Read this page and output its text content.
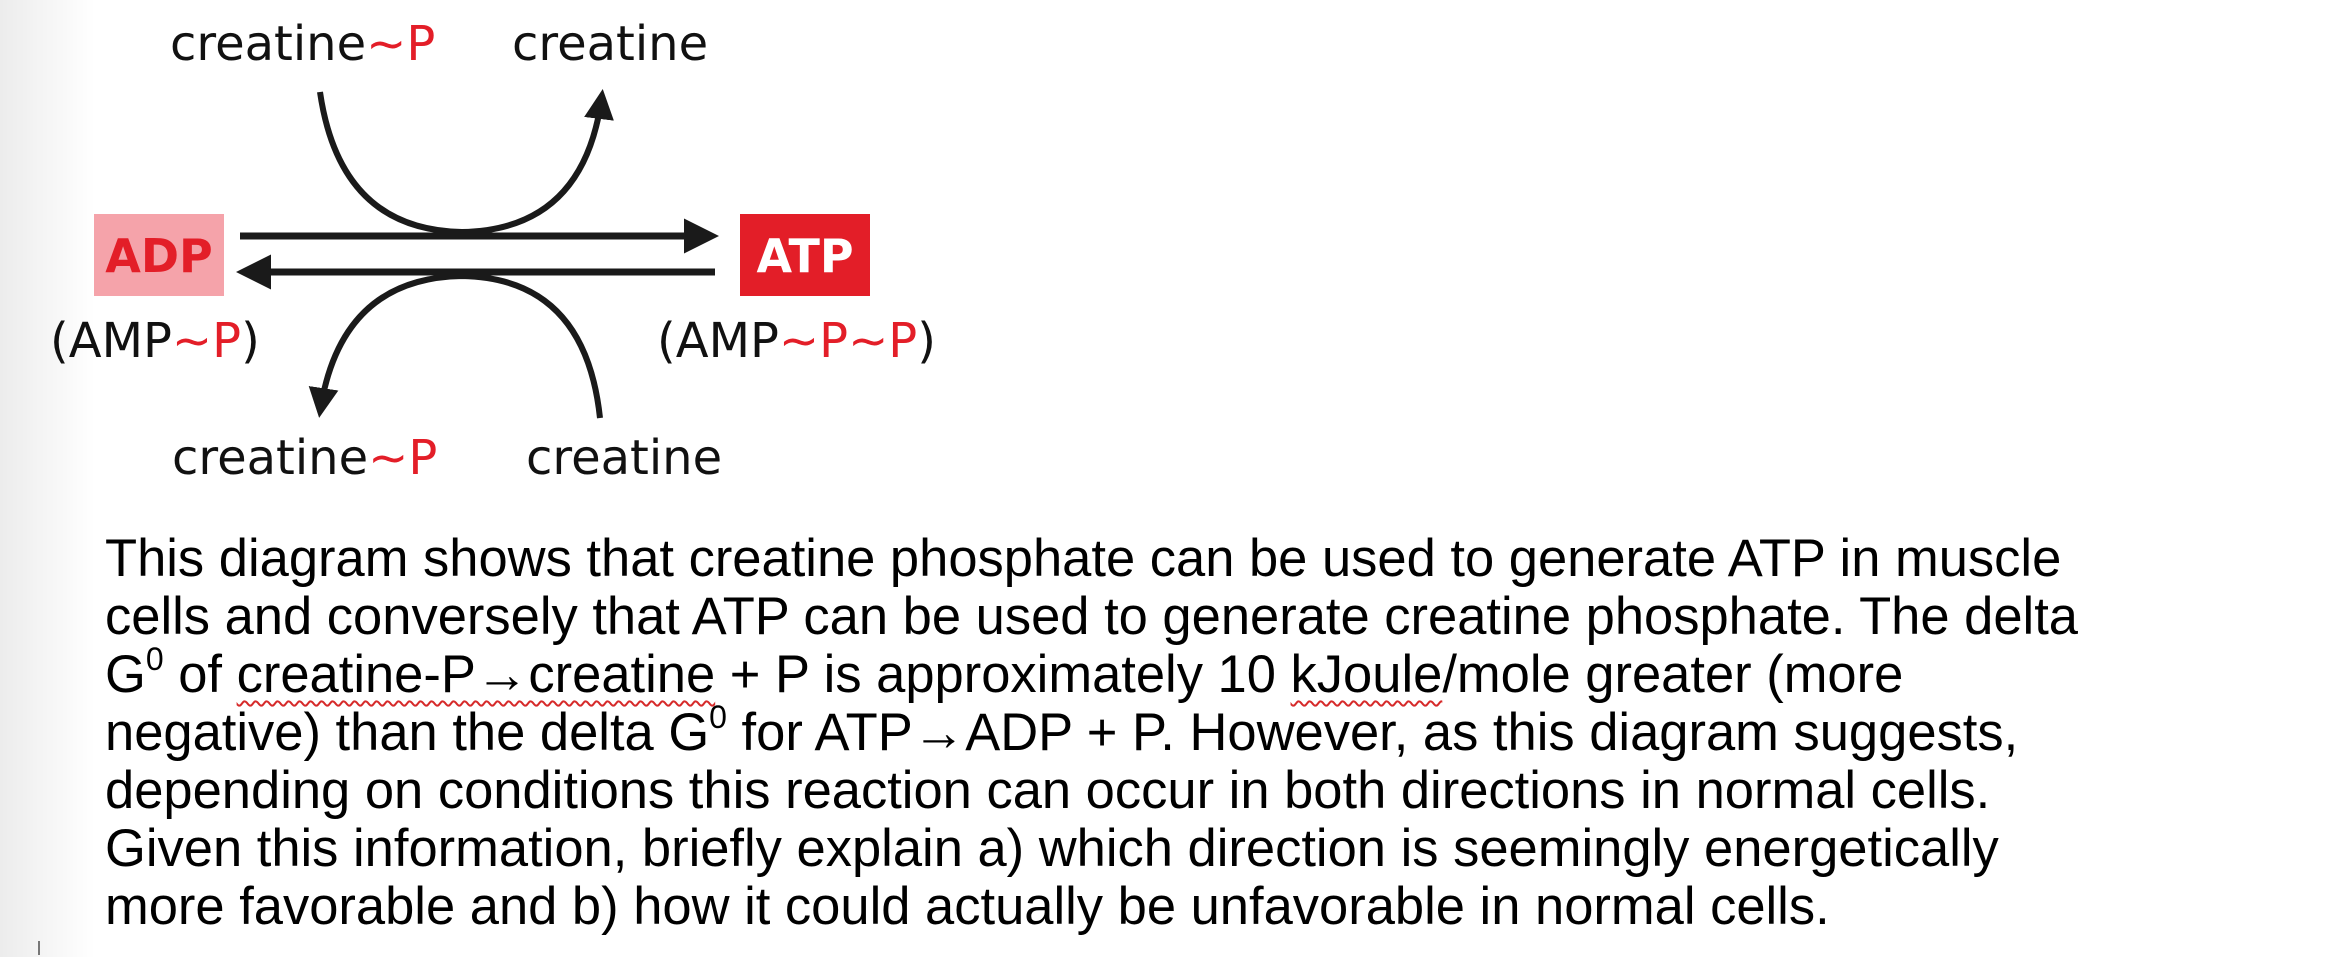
creatine~P creatine
ADP	ATP
(AMP~P)	(AMP~P~P)
creatine~P creatine
This diagram shows that creatine phosphate can be used to generate ATP in muscle
cells and conversely that ATP can be used to generate creatine phosphate. The delta
$G^0$ of creatine-P→creatine + P is approximately 10 kJoule/mole greater (more
negative) than the delta $G^0$ for ATP→ADP + P. However, as this diagram suggests,
depending on conditions this reaction can occur in both directions in normal cells.
Given this information, briefly explain a) which direction is seemingly energetically
more favorable and b) how it could actually be unfavorable in normal cells.
